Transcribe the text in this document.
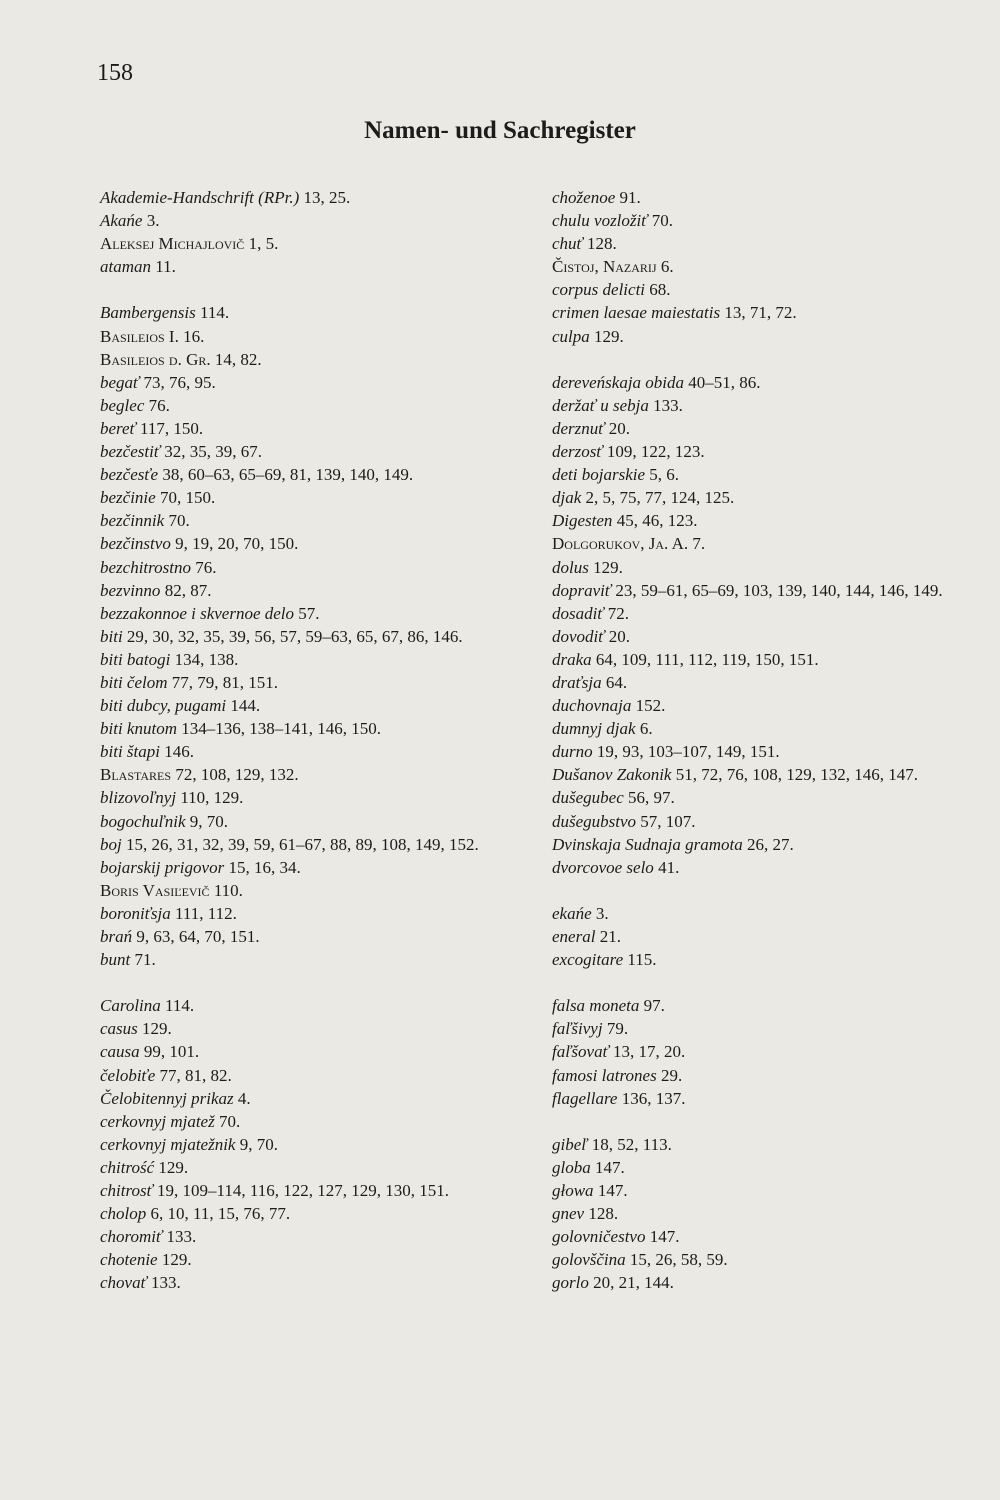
158
Namen- und Sachregister
Akademie-Handschrift (RPr.) 13, 25.
Akańe 3.
Aleksej Michajlovič 1, 5.
ataman 11.
Bambergensis 114.
Basileios I. 16.
Basileios d. Gr. 14, 82.
begať 73, 76, 95.
beglec 76.
bereť 117, 150.
bezčestiť 32, 35, 39, 67.
bezčesťe 38, 60–63, 65–69, 81, 139, 140, 149.
bezčinie 70, 150.
bezčinnik 70.
bezčinstvo 9, 19, 20, 70, 150.
bezchitrostno 76.
bezvinno 82, 87.
bezzakonnoe i skvernoe delo 57.
biti 29, 30, 32, 35, 39, 56, 57, 59–63, 65, 67, 86, 146.
biti batogi 134, 138.
biti čelom 77, 79, 81, 151.
biti dubcy, pugami 144.
biti knutom 134–136, 138–141, 146, 150.
biti štapi 146.
Blastares 72, 108, 129, 132.
blizovoľnyj 110, 129.
bogochuľnik 9, 70.
boj 15, 26, 31, 32, 39, 59, 61–67, 88, 89, 108, 149, 152.
bojarskij prigovor 15, 16, 34.
Boris Vasiľevič 110.
boroniťsja 111, 112.
brań 9, 63, 64, 70, 151.
bunt 71.
Carolina 114.
casus 129.
causa 99, 101.
čelobiťe 77, 81, 82.
Čelobitennyj prikaz 4.
cerkovnyj mjatež 70.
cerkovnyj mjatežnik 9, 70.
chitrość 129.
chitrosť 19, 109–114, 116, 122, 127, 129, 130, 151.
cholop 6, 10, 11, 15, 76, 77.
choromiť 133.
chotenie 129.
chovať 133.
choženoe 91.
chulu vozložiť 70.
chuť 128.
Čistoj, Nazarij 6.
corpus delicti 68.
crimen laesae maiestatis 13, 71, 72.
culpa 129.
dereveńskaja obida 40–51, 86.
deržať u sebja 133.
derznuť 20.
derzosť 109, 122, 123.
deti bojarskie 5, 6.
djak 2, 5, 75, 77, 124, 125.
Digesten 45, 46, 123.
Dolgorukov, Ja. A. 7.
dolus 129.
dopraviť 23, 59–61, 65–69, 103, 139, 140, 144, 146, 149.
dosadiť 72.
dovodiť 20.
draka 64, 109, 111, 112, 119, 150, 151.
draťsja 64.
duchovnaja 152.
dumnyj djak 6.
durno 19, 93, 103–107, 149, 151.
Dušanov Zakonik 51, 72, 76, 108, 129, 132, 146, 147.
dušegubec 56, 97.
dušegubstvo 57, 107.
Dvinskaja Sudnaja gramota 26, 27.
dvorcovoe selo 41.
ekańe 3.
eneral 21.
excogitare 115.
falsa moneta 97.
faľšivyj 79.
faľšovať 13, 17, 20.
famosi latrones 29.
flagellare 136, 137.
gibeľ 18, 52, 113.
globa 147.
głowa 147.
gnev 128.
golovničestvo 147.
golovščina 15, 26, 58, 59.
gorlo 20, 21, 144.
